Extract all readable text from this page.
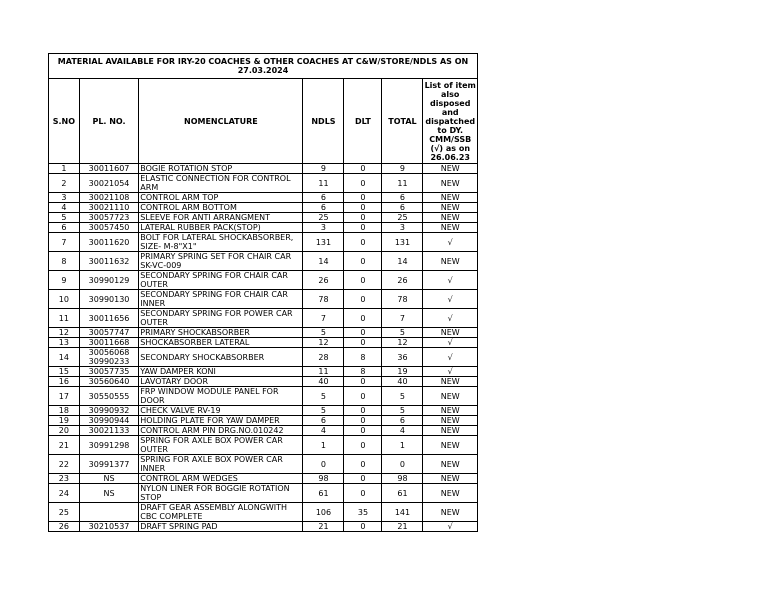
MATERIAL AVAILABLE FOR IRY-20 COACHES & OTHER COACHES AT C&W/STORE/NDLS AS ON 27.03.2024						
S.NO	PL. NO.	NOMENCLATURE	NDLS	DLT	TOTAL	List of item also disposed and dispatched to DY. CMM/SSB (√) as on 26.06.23

1	30011607	BOGIE ROTATION STOP	9	0	9	NEW
2	30021054	ELASTIC CONNECTION FOR CONTROL ARM	11	0	11	NEW
3	30021108	CONTROL ARM TOP	6	0	6	NEW
4	30021110	CONTROL ARM BOTTOM	6	0	6	NEW
5	30057723	SLEEVE FOR ANTI ARRANGMENT	25	0	25	NEW
6	30057450	LATERAL RUBBER PACK(STOP)	3	0	3	NEW
7	30011620	BOLT FOR LATERAL SHOCKABSORBER, SIZE- M-8"X1"	131	0	131	√
8	30011632	PRIMARY SPRING SET FOR CHAIR CAR SK-VC-009	14	0	14	NEW
9	30990129	SECONDARY SPRING FOR CHAIR CAR OUTER	26	0	26	√
10	30990130	SECONDARY SPRING FOR CHAIR CAR INNER	78	0	78	√
11	30011656	SECONDARY SPRING FOR POWER CAR OUTER	7	0	7	√
12	30057747	PRIMARY SHOCKABSORBER	5	0	5	NEW
13	30011668	SHOCKABSORBER LATERAL	12	0	12	√
14	30056068 30990233	SECONDARY SHOCKABSORBER	28	8	36	√
15	30057735	YAW DAMPER KONI	11	8	19	√
16	30560640	LAVOTARY DOOR	40	0	40	NEW
17	30550555	FRP WINDOW MODULE PANEL FOR DOOR	5	0	5	NEW
18	30990932	CHECK VALVE RV-19	5	0	5	NEW
19	30990944	HOLDING PLATE FOR YAW DAMPER	6	0	6	NEW
20	30021133	CONTROL ARM PIN DRG.NO.010242	4	0	4	NEW
21	30991298	SPRING FOR AXLE BOX POWER CAR OUTER	1	0	1	NEW
22	30991377	SPRING FOR AXLE BOX POWER CAR INNER	0	0	0	NEW
23	NS	CONTROL ARM WEDGES	98	0	98	NEW
24	NS	NYLON LINER FOR BOGGIE ROTATION STOP	61	0	61	NEW
25		DRAFT GEAR ASSEMBLY ALONGWITH CBC COMPLETE	106	35	141	NEW
26	30210537	DRAFT SPRING PAD	21	0	21	√
